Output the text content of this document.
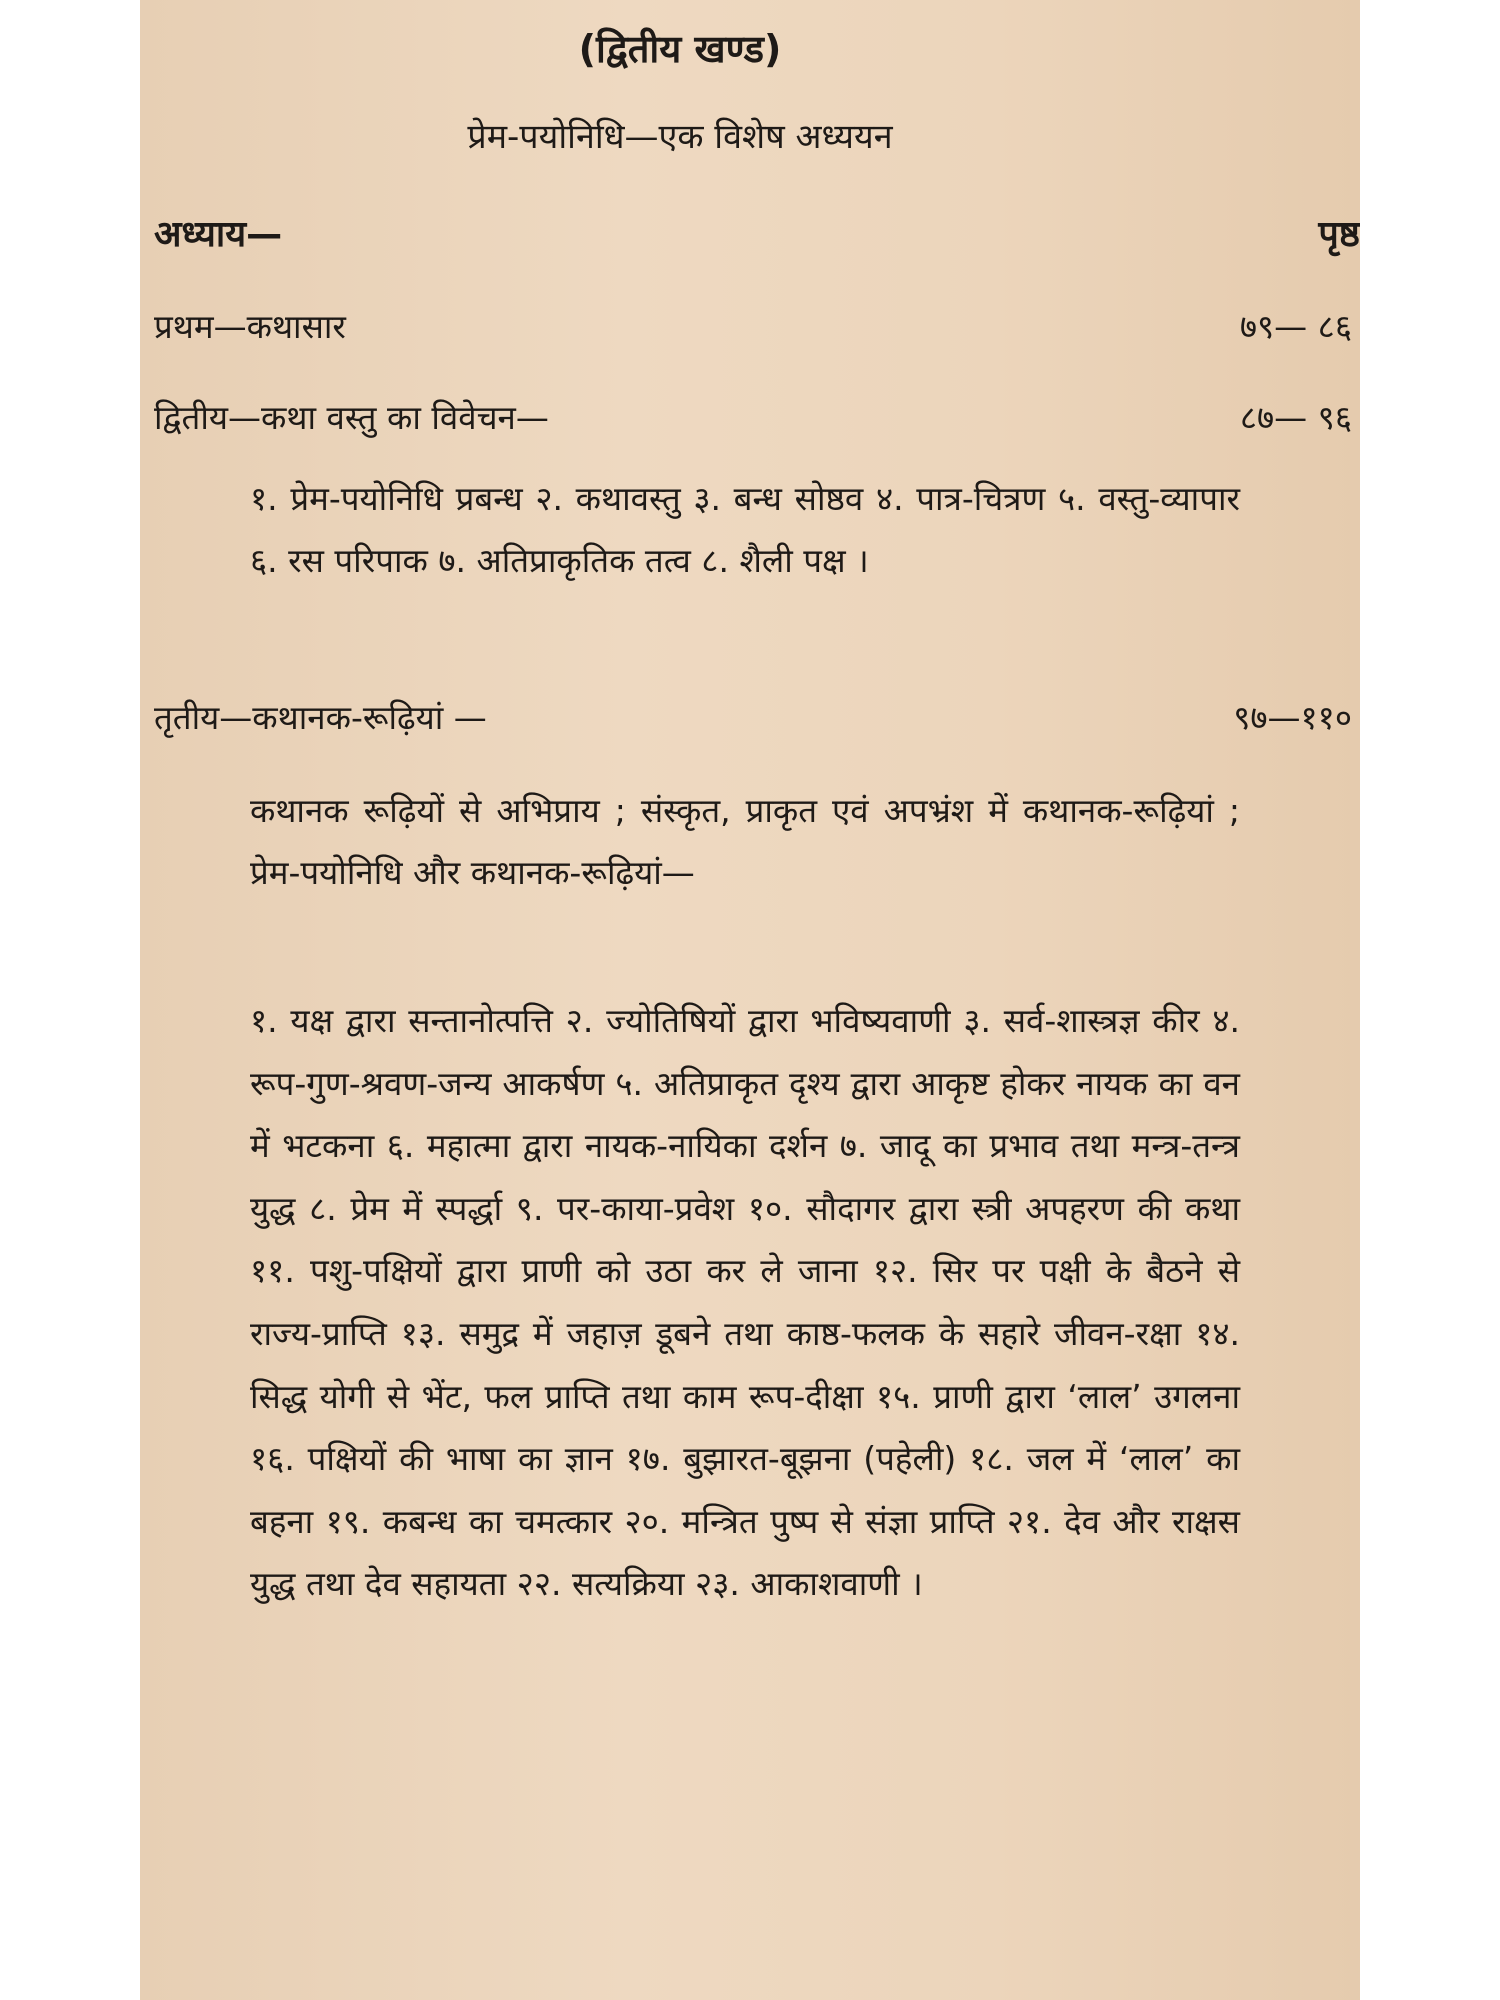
(द्वितीय खण्ड)
प्रेम-पयोनिधि—एक विशेष अध्ययन
अध्याय—	पृष्ठ
प्रथम—कथासार	७९— ८६
द्वितीय—कथा वस्तु का विवेचन—	८७— ९६
१. प्रेम-पयोनिधि प्रबन्ध २. कथावस्तु ३. बन्ध सोष्ठव ४. पात्र-चित्रण ५. वस्तु-व्यापार ६. रस परिपाक ७. अतिप्राकृतिक तत्व ८. शैली पक्ष ।
तृतीय—कथानक-रूढ़ियां —	९७—११०
कथानक रूढ़ियों से अभिप्राय ; संस्कृत, प्राकृत एवं अपभ्रंश में कथानक-रूढ़ियां ; प्रेम-पयोनिधि और कथानक-रूढ़ियां—
१. यक्ष द्वारा सन्तानोत्पत्ति २. ज्योतिषियों द्वारा भविष्यवाणी ३. सर्व-शास्त्रज्ञ कीर ४. रूप-गुण-श्रवण-जन्य आकर्षण ५. अतिप्राकृत दृश्य द्वारा आकृष्ट होकर नायक का वन में भटकना ६. महात्मा द्वारा नायक-नायिका दर्शन ७. जादू का प्रभाव तथा मन्त्र-तन्त्र युद्ध ८. प्रेम में स्पर्द्धा ९. पर-काया-प्रवेश १०. सौदागर द्वारा स्त्री अपहरण की कथा ११. पशु-पक्षियों द्वारा प्राणी को उठा कर ले जाना १२. सिर पर पक्षी के बैठने से राज्य-प्राप्ति १३. समुद्र में जहाज़ डूबने तथा काष्ठ-फलक के सहारे जीवन-रक्षा १४. सिद्ध योगी से भेंट, फल प्राप्ति तथा काम रूप-दीक्षा १५. प्राणी द्वारा ‘लाल’ उगलना १६. पक्षियों की भाषा का ज्ञान १७. बुझारत-बूझना (पहेली) १८. जल में ‘लाल’ का बहना १९. कबन्ध का चमत्कार २०. मन्त्रित पुष्प से संज्ञा प्राप्ति २१. देव और राक्षस युद्ध तथा देव सहायता २२. सत्यक्रिया २३. आकाशवाणी ।
